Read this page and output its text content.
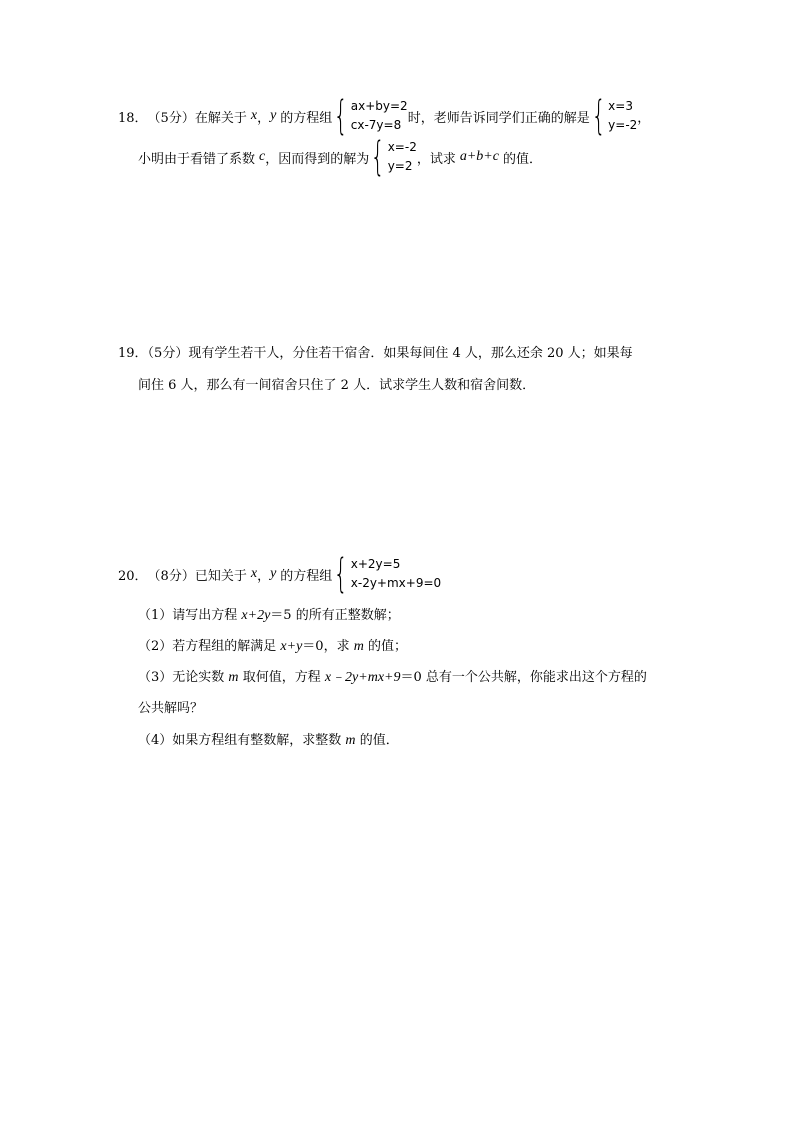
18． （5分） 在解关于 x ， y 的方程组 { ax+by=2
cx-7y=8 时，老师告诉同学们正确的解是 { x=3
y=-2 ，
小明由于看错了系数 c ，因而得到的解为 { x=-2
y=2 ，试求 a+b+c 的值．
19．（5分）现有学生若干人，分住若干宿舍．如果每间住 4 人，那么还余 20 人；如果每
间住 6 人，那么有一间宿舍只住了 2 人．试求学生人数和宿舍间数．
20． （8分） 已知关于 x ， y 的方程组 { x+2y=5
x-2y+mx+9=0
（1）请写出方程 x+2y＝5 的所有正整数解；
（2）若方程组的解满足 x+y＝0，求 m 的值；
（3）无论实数 m 取何值，方程 x﹣2y+mx+9＝0 总有一个公共解，你能求出这个方程的
公共解吗？
（4）如果方程组有整数解，求整数 m 的值．
